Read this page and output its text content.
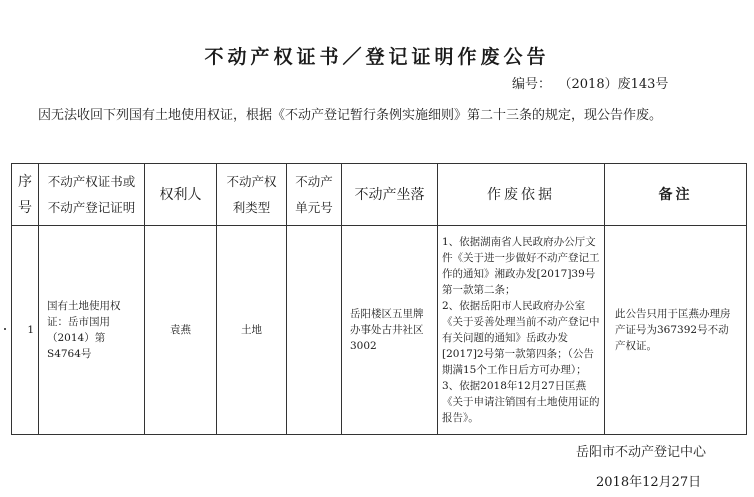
不动产权证书／登记证明作废公告
编号： （2018）废143号
因无法收回下列国有土地使用权证，根据《不动产登记暂行条例实施细则》第二十三条的规定，现公告作废。
序号	不动产权证书或不动产登记证明	权利人	不动产权利类型	不动产单元号	不动产坐落	作废依据	备注
1	国有土地使用权证：岳市国用（2014）第S4764号	袁燕	土地		岳阳楼区五里牌办事处古井社区3002	1、依据湖南省人民政府办公厅文件《关于进一步做好不动产登记工作的通知》湘政办发[2017]39号第一款第二条；
2、依据岳阳市人民政府办公室《关于妥善处理当前不动产登记中有关问题的通知》岳政办发[2017]2号第一款第四条；（公告期满15个工作日后方可办理）；
3、依据2018年12月27日匡燕《关于申请注销国有土地使用证的报告》。	此公告只用于匡燕办理房产证号为367392号不动产权证。
岳阳市不动产登记中心
2018年12月27日
